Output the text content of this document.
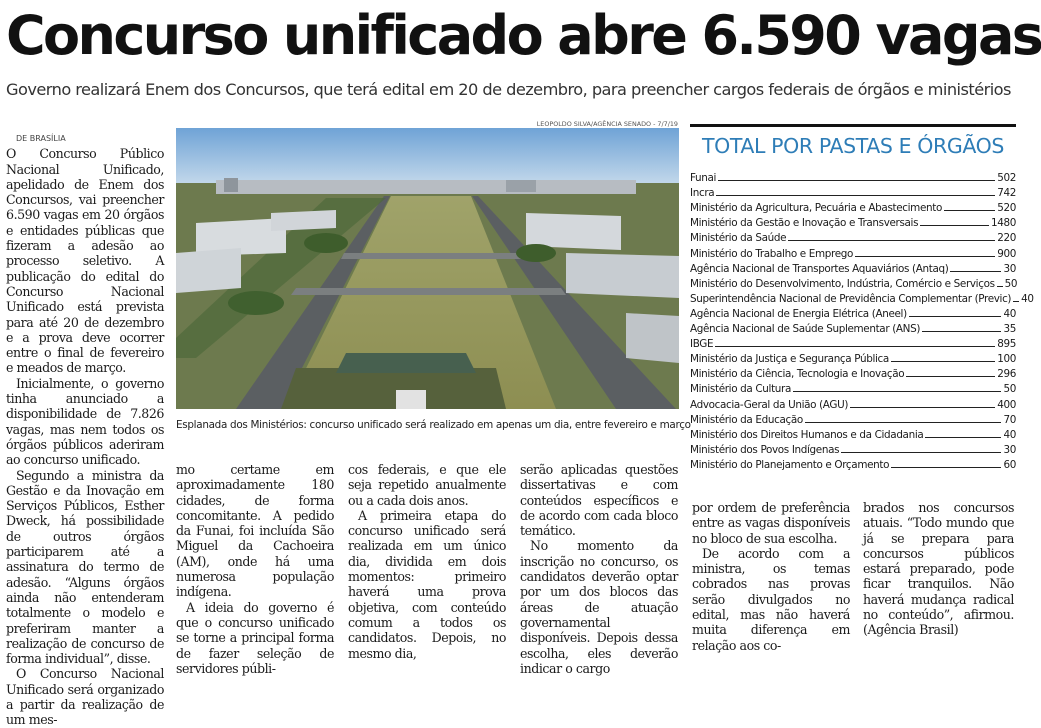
Concurso unificado abre 6.590 vagas
Governo realizará Enem dos Concursos, que terá edital em 20 de dezembro, para preencher cargos federais de órgãos e ministérios

DE BRASÍLIA

O Concurso Público Nacional Unificado, apelidado de Enem dos Concursos, vai preencher 6.590 vagas em 20 órgãos e entidades públicas que fizeram a adesão ao processo seletivo. A publicação do edital do Concurso Nacional Unificado está prevista para até 20 de dezembro e a prova deve ocorrer entre o final de fevereiro e meados de março.

Inicialmente, o governo tinha anunciado a disponibilidade de 7.826 vagas, mas nem todos os órgãos públicos aderiram ao concurso unificado.

Segundo a ministra da Gestão e da Inovação em Serviços Públicos, Esther Dweck, há possibilidade de outros órgãos participarem até a assinatura do termo de adesão. “Alguns órgãos ainda não entenderam totalmente o modelo e preferiram manter a realização de concurso de forma individual”, disse.

O Concurso Nacional Unificado será organizado a partir da realização de um mes-

LEOPOLDO SILVA/AGÊNCIA SENADO - 7/7/19
Esplanada dos Ministérios: concurso unificado será realizado em apenas um dia, entre fevereiro e março

mo certame em aproximadamente 180 cidades, de forma concomitante. A pedido da Funai, foi incluída São Miguel da Cachoeira (AM), onde há uma numerosa população indígena.

A ideia do governo é que o concurso unificado se torne a principal forma de fazer seleção de servidores públi-

cos federais, e que ele seja repetido anualmente ou a cada dois anos.

A primeira etapa do concurso unificado será realizada em um único dia, dividida em dois momentos: primeiro haverá uma prova objetiva, com conteúdo comum a todos os candidatos. Depois, no mesmo dia,

serão aplicadas questões dissertativas e com conteúdos específicos e de acordo com cada bloco temático.

No momento da inscrição no concurso, os candidatos deverão optar por um dos blocos das áreas de atuação governamental disponíveis. Depois dessa escolha, eles deverão indicar o cargo

por ordem de preferência entre as vagas disponíveis no bloco de sua escolha.

De acordo com a ministra, os temas cobrados nas provas serão divulgados no edital, mas não haverá muita diferença em relação aos co-

brados nos concursos atuais. “Todo mundo que já se prepara para concursos públicos estará preparado, pode ficar tranquilos. Não haverá mudança radical no conteúdo”, afirmou. (Agência Brasil)

TOTAL POR PASTAS E ÓRGÃOS
Funai	502
Incra	742
Ministério da Agricultura, Pecuária e Abastecimento	520
Ministério da Gestão e Inovação e Transversais	1480
Ministério da Saúde	220
Ministério do Trabalho e Emprego	900
Agência Nacional de Transportes Aquaviários (Antaq)	30
Ministério do Desenvolvimento, Indústria, Comércio e Serviços 50
Superintendência Nacional de Previdência Complementar (Previc) 40
Agência Nacional de Energia Elétrica (Aneel)	40
Agência Nacional de Saúde Suplementar (ANS)	35
IBGE	895
Ministério da Justiça e Segurança Pública	100
Ministério da Ciência, Tecnologia e Inovação	296
Ministério da Cultura	50
Advocacia-Geral da União (AGU)	400
Ministério da Educação	70
Ministério dos Direitos Humanos e da Cidadania	40
Ministério dos Povos Indígenas	30
Ministério do Planejamento e Orçamento	60
